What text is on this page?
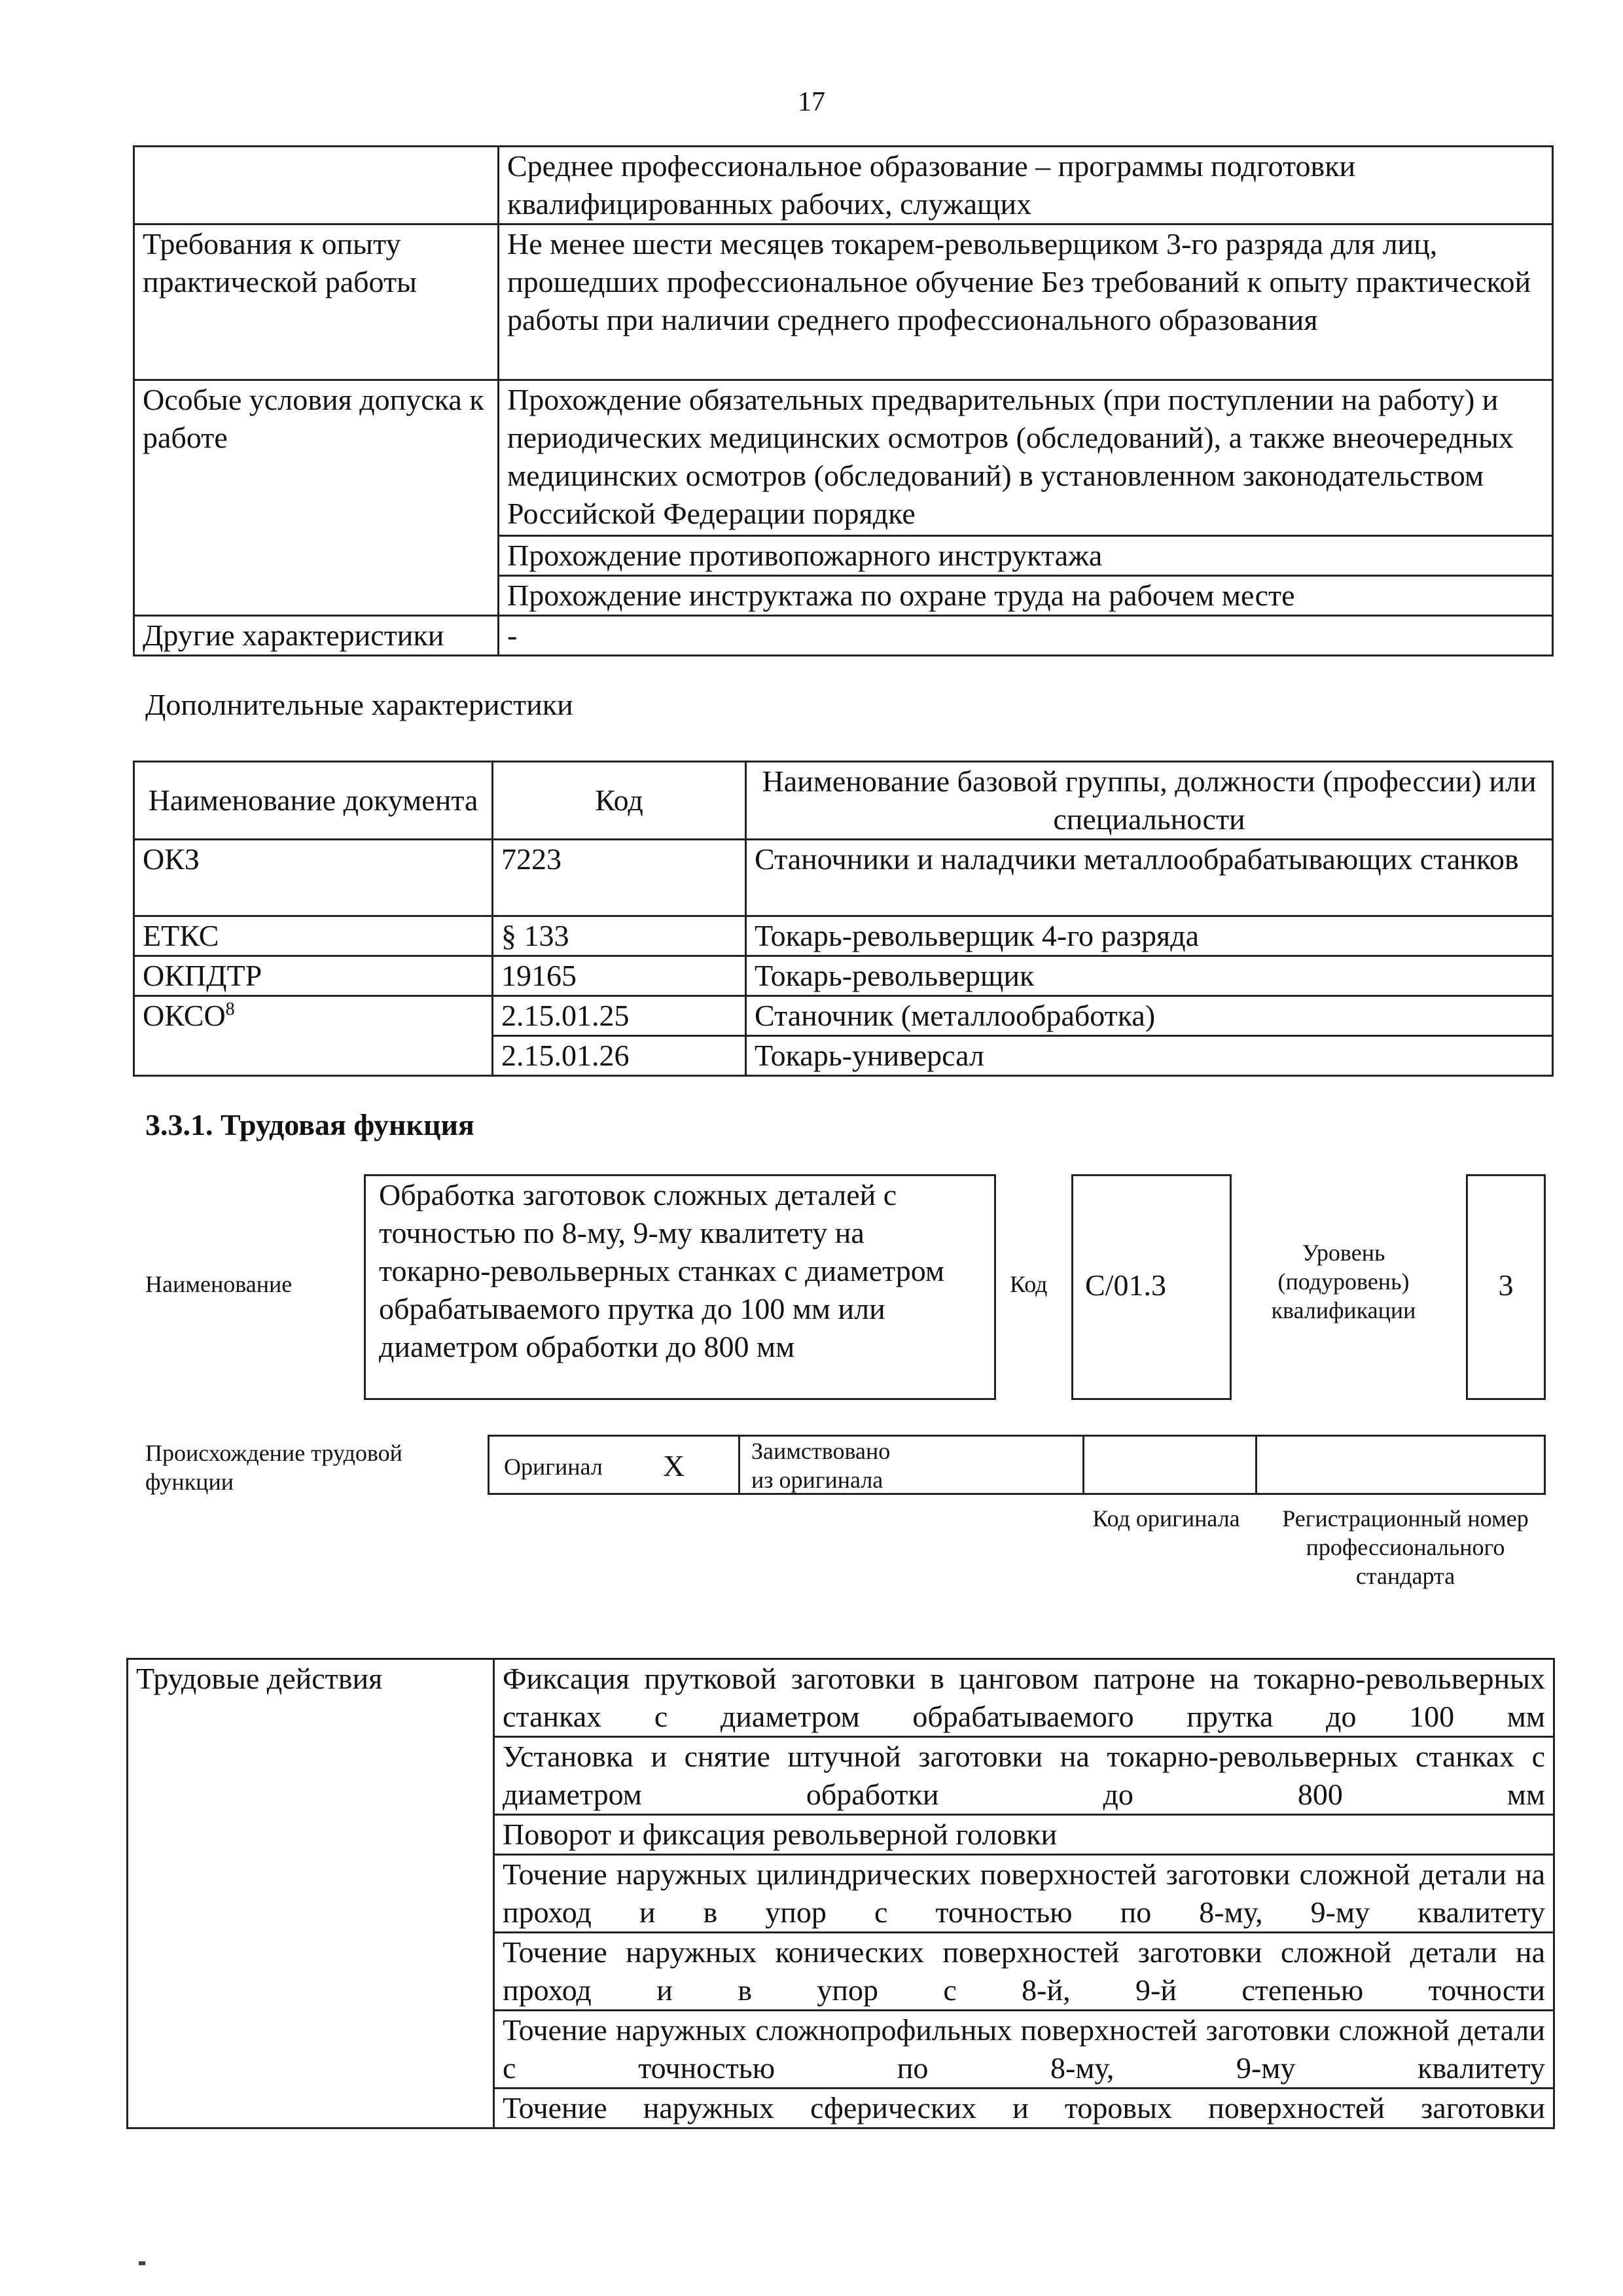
17
	Среднее профессиональное образование – программы подготовки квалифицированных рабочих, служащих
Требования к опыту практической работы	Не менее шести месяцев токарем-револьверщиком 3-го разряда для лиц, прошедших профессиональное обучение Без требований к опыту практической работы при наличии среднего профессионального образования
Особые условия допуска к работе	Прохождение обязательных предварительных (при поступлении на работу) и периодических медицинских осмотров (обследований), а также внеочередных медицинских осмотров (обследований) в установленном законодательством Российской Федерации порядке
	Прохождение противопожарного инструктажа
	Прохождение инструктажа по охране труда на рабочем месте
Другие характеристики	-
Дополнительные характеристики
Наименование документа	Код	Наименование базовой группы, должности (профессии) или специальности
ОКЗ	7223	Станочники и наладчики металлообрабатывающих станков
ЕТКС	§ 133	Токарь-револьверщик 4-го разряда
ОКПДТР	19165	Токарь-револьверщик
ОКСО$^8$	2.15.01.25	Станочник (металлообработка)
	2.15.01.26	Токарь-универсал
3.3.1. Трудовая функция
Наименование
Обработка заготовок сложных деталей с точностью по 8-му, 9-му квалитету на токарно-револьверных станках с диаметром обрабатываемого прутка до 100 мм или диаметром обработки до 800 мм
Код	C/01.3
Уровень (подуровень) квалификации
3
Происхождение трудовой функции
Оригинал X	Заимствовано из оригинала
Код оригинала	Регистрационный номер профессионального стандарта
Трудовые действия	Фиксация прутковой заготовки в цанговом патроне на токарно-револьверных станках с диаметром обрабатываемого прутка до 100 мм
Установка и снятие штучной заготовки на токарно-револьверных станках с диаметром обработки до 800 мм
Поворот и фиксация револьверной головки
Точение наружных цилиндрических поверхностей заготовки сложной детали на проход и в упор с точностью по 8-му, 9-му квалитету
Точение наружных конических поверхностей заготовки сложной детали на проход и в упор с 8-й, 9-й степенью точности
Точение наружных сложнопрофильных поверхностей заготовки сложной детали с точностью по 8-му, 9-му квалитету
Точение наружных сферических и торовых поверхностей заготовки
